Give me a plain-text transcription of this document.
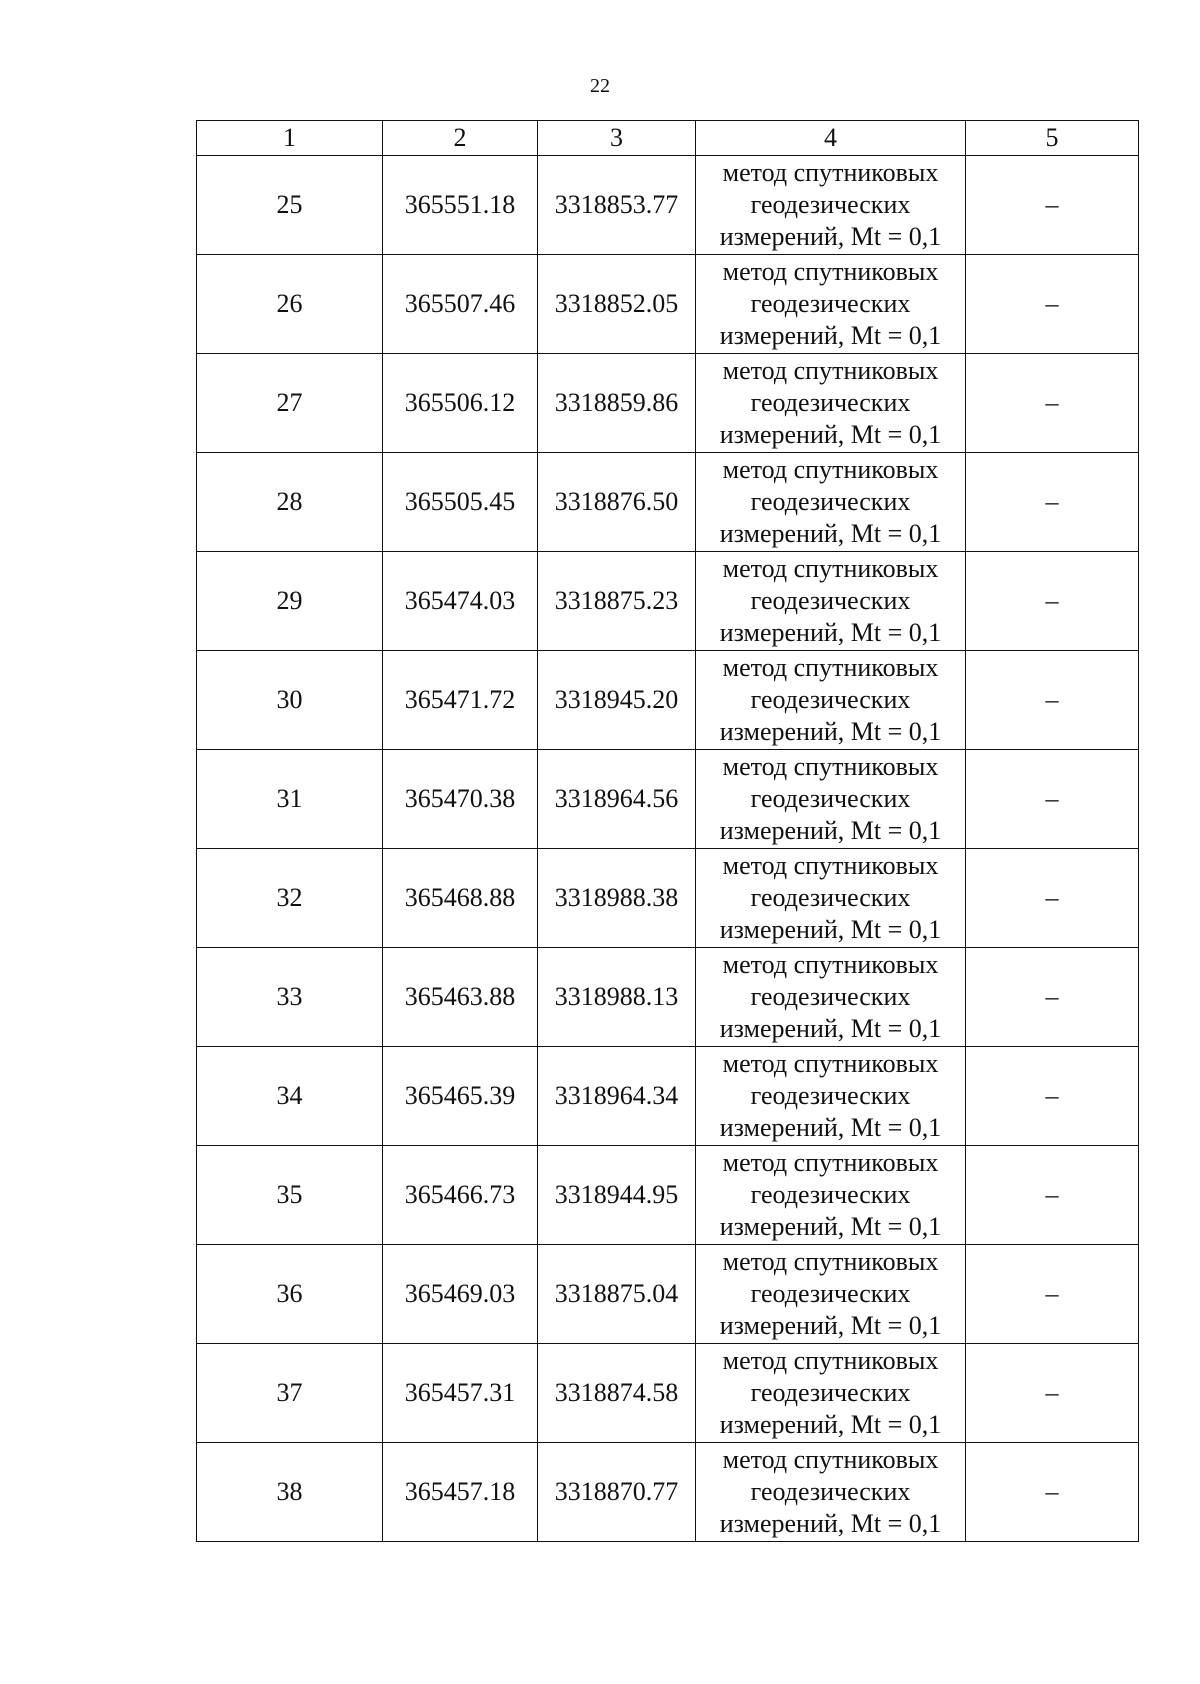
22
1	2	3	4	5
25	365551.18	3318853.77	метод спутниковых
геодезических
измерений, Mt = 0,1	–
26	365507.46	3318852.05	метод спутниковых
геодезических
измерений, Mt = 0,1	–
27	365506.12	3318859.86	метод спутниковых
геодезических
измерений, Mt = 0,1	–
28	365505.45	3318876.50	метод спутниковых
геодезических
измерений, Mt = 0,1	–
29	365474.03	3318875.23	метод спутниковых
геодезических
измерений, Mt = 0,1	–
30	365471.72	3318945.20	метод спутниковых
геодезических
измерений, Mt = 0,1	–
31	365470.38	3318964.56	метод спутниковых
геодезических
измерений, Mt = 0,1	–
32	365468.88	3318988.38	метод спутниковых
геодезических
измерений, Mt = 0,1	–
33	365463.88	3318988.13	метод спутниковых
геодезических
измерений, Mt = 0,1	–
34	365465.39	3318964.34	метод спутниковых
геодезических
измерений, Mt = 0,1	–
35	365466.73	3318944.95	метод спутниковых
геодезических
измерений, Mt = 0,1	–
36	365469.03	3318875.04	метод спутниковых
геодезических
измерений, Mt = 0,1	–
37	365457.31	3318874.58	метод спутниковых
геодезических
измерений, Mt = 0,1	–
38	365457.18	3318870.77	метод спутниковых
геодезических
измерений, Mt = 0,1	–
